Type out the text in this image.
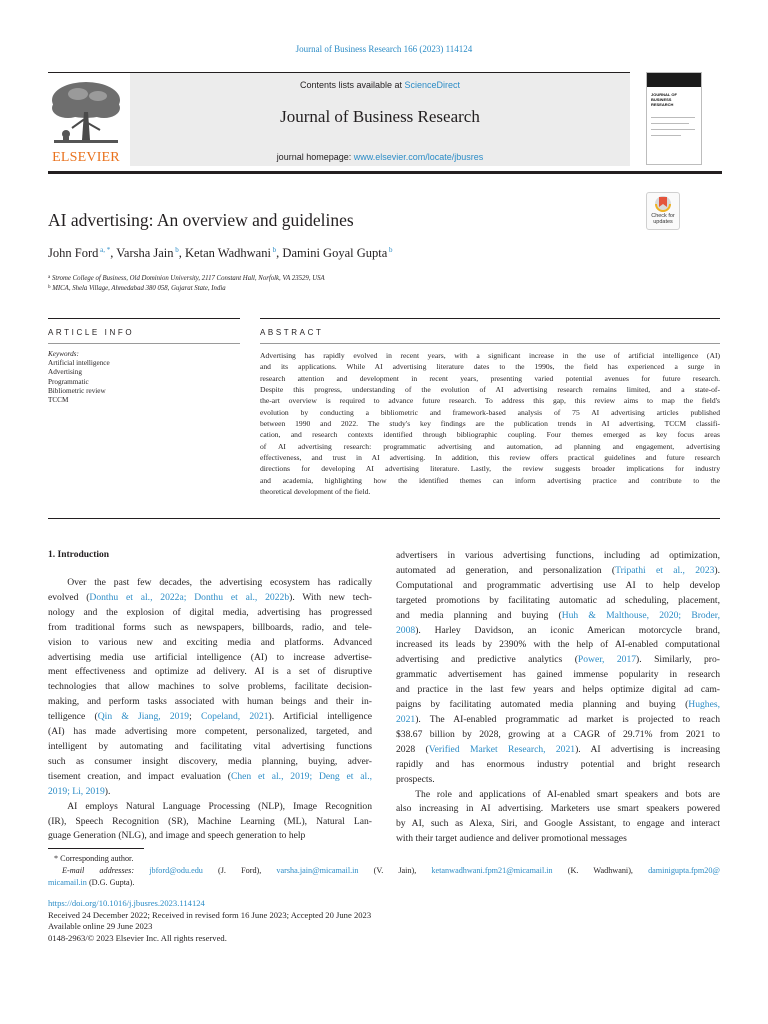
Journal of Business Research 166 (2023) 114124
ELSEVIER
Contents lists available at ScienceDirect
Journal of Business Research
journal homepage: www.elsevier.com/locate/jbusres
JOURNAL OF BUSINESS RESEARCH
Check for updates
AI advertising: An overview and guidelines
John Ford $^{a, *}$, Varsha Jain $^b$, Ketan Wadhwani $^b$, Damini Goyal Gupta $^b$
$^a$ Strome College of Business, Old Dominion University, 2117 Constant Hall, Norfolk, VA 23529, USA
$^b$ MICA, Shela Village, Ahmedabad 380 058, Gujarat State, India
ARTICLE INFO	ABSTRACT
Keywords:
Artificial intelligence
Advertising
Programmatic
Bibliometric review
TCCM
Advertising has rapidly evolved in recent years, with a significant increase in the use of artificial intelligence (AI)
and its applications. While AI advertising literature dates to the 1990s, the field has experienced a surge in
research attention and development in recent years, presenting varied potential avenues for future research.
Despite this progress, understanding of the evolution of AI advertising research remains limited, and a state-of-
the-art overview is required to advance future research. To address this gap, this review aims to map the field's
evolution by conducting a bibliometric and framework-based analysis of 75 AI advertising articles published
between 1990 and 2022. The study's key findings are the publication trends in AI advertising, TCCM classifi-
cation, and research contexts identified through bibliographic coupling. Four themes emerged as key focus areas
of AI advertising research: programmatic advertising and automation, ad planning and engagement, advertising
effectiveness, and trust in AI advertising. In addition, this review offers practical guidelines and future research
directions for developing AI advertising literature. Lastly, the review suggests broader implications for industry
and academia, highlighting how the identified themes can inform advertising practice and contribute to the
theoretical development of the field.
1. Introduction
  Over the past few decades, the advertising ecosystem has radically
evolved (Donthu et al., 2022a; Donthu et al., 2022b). With new tech-
nology and the explosion of digital media, advertising has progressed
from traditional forms such as newspapers, billboards, radio, and tele-
vision to various new and exciting media and platforms. Advanced
advertising media use artificial intelligence (AI) to increase advertise-
ment effectiveness and optimize ad delivery. AI is a set of disruptive
technologies that allow machines to solve problems, facilitate decision-
making, and perform tasks associated with human beings and their in-
telligence (Qin & Jiang, 2019; Copeland, 2021). Artificial intelligence
(AI) has made advertising more competent, personalized, targeted, and
intelligent by automating and facilitating vital advertising functions
such as consumer insight discovery, media planning, buying, adver-
tisement creation, and impact evaluation (Chen et al., 2019; Deng et al.,
2019; Li, 2019).
  AI employs Natural Language Processing (NLP), Image Recognition
(IR), Speech Recognition (SR), Machine Learning (ML), Natural Lan-
guage Generation (NLG), and image and speech generation to help
advertisers in various advertising functions, including ad optimization,
automated ad generation, and personalization (Tripathi et al., 2023).
Computational and programmatic advertising use AI to help develop
targeted promotions by facilitating automatic ad scheduling, placement,
and media planning and buying (Huh & Malthouse, 2020; Broder,
2008). Harley Davidson, an iconic American motorcycle brand,
increased its leads by 2390% with the help of AI-enabled computational
advertising and predictive analytics (Power, 2017). Similarly, pro-
grammatic advertisement has gained immense popularity in research
and practice in the last few years and helps optimize digital ad cam-
paigns by facilitating automated media planning and buying (Hughes,
2021). The AI-enabled programmatic ad market is projected to reach
$38.67 billion by 2028, growing at a CAGR of 29.71% from 2021 to
2028 (Verified Market Research, 2021). AI advertising is increasing
rapidly and has enormous industry potential and bright research
prospects.
  The role and applications of AI-enabled smart speakers and bots are
also increasing in AI advertising. Marketers use smart speakers powered
by AI, such as Alexa, Siri, and Google Assistant, to engage and interact
with their target audience and deliver promotional messages
* Corresponding author.
E-mail addresses: jbford@odu.edu (J. Ford), varsha.jain@micamail.in (V. Jain), ketanwadhwani.fpm21@micamail.in (K. Wadhwani), daminigupta.fpm20@
micamail.in (D.G. Gupta).
https://doi.org/10.1016/j.jbusres.2023.114124
Received 24 December 2022; Received in revised form 16 June 2023; Accepted 20 June 2023
Available online 29 June 2023
0148-2963/© 2023 Elsevier Inc. All rights reserved.
